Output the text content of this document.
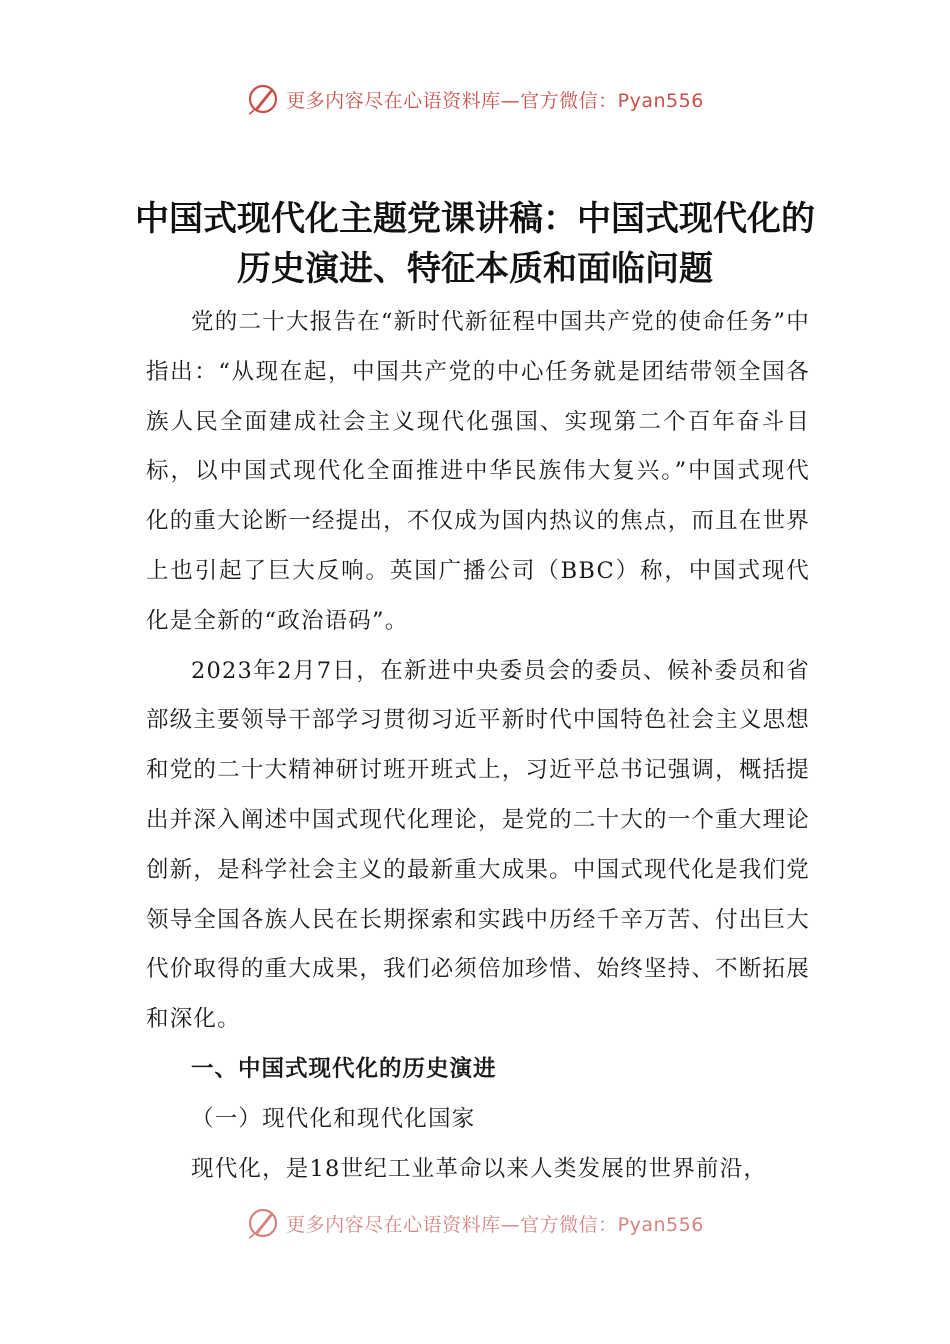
更多内容尽在心语资料库—官方微信：Pyan556
中国式现代化主题党课讲稿：中国式现代化的历史演进、特征本质和面临问题

党的二十大报告在“新时代新征程中国共产党的使命任务”中指出：“从现在起，中国共产党的中心任务就是团结带领全国各族人民全面建成社会主义现代化强国、实现第二个百年奋斗目标，以中国式现代化全面推进中华民族伟大复兴。”中国式现代化的重大论断一经提出，不仅成为国内热议的焦点，而且在世界上也引起了巨大反响。英国广播公司（BBC）称，中国式现代化是全新的“政治语码”。

2023年2月7日，在新进中央委员会的委员、候补委员和省部级主要领导干部学习贯彻习近平新时代中国特色社会主义思想和党的二十大精神研讨班开班式上，习近平总书记强调，概括提出并深入阐述中国式现代化理论，是党的二十大的一个重大理论创新，是科学社会主义的最新重大成果。中国式现代化是我们党领导全国各族人民在长期探索和实践中历经千辛万苦、付出巨大代价取得的重大成果，我们必须倍加珍惜、始终坚持、不断拓展和深化。

一、中国式现代化的历史演进

（一）现代化和现代化国家

现代化，是18世纪工业革命以来人类发展的世界前沿，

更多内容尽在心语资料库—官方微信：Pyan556
